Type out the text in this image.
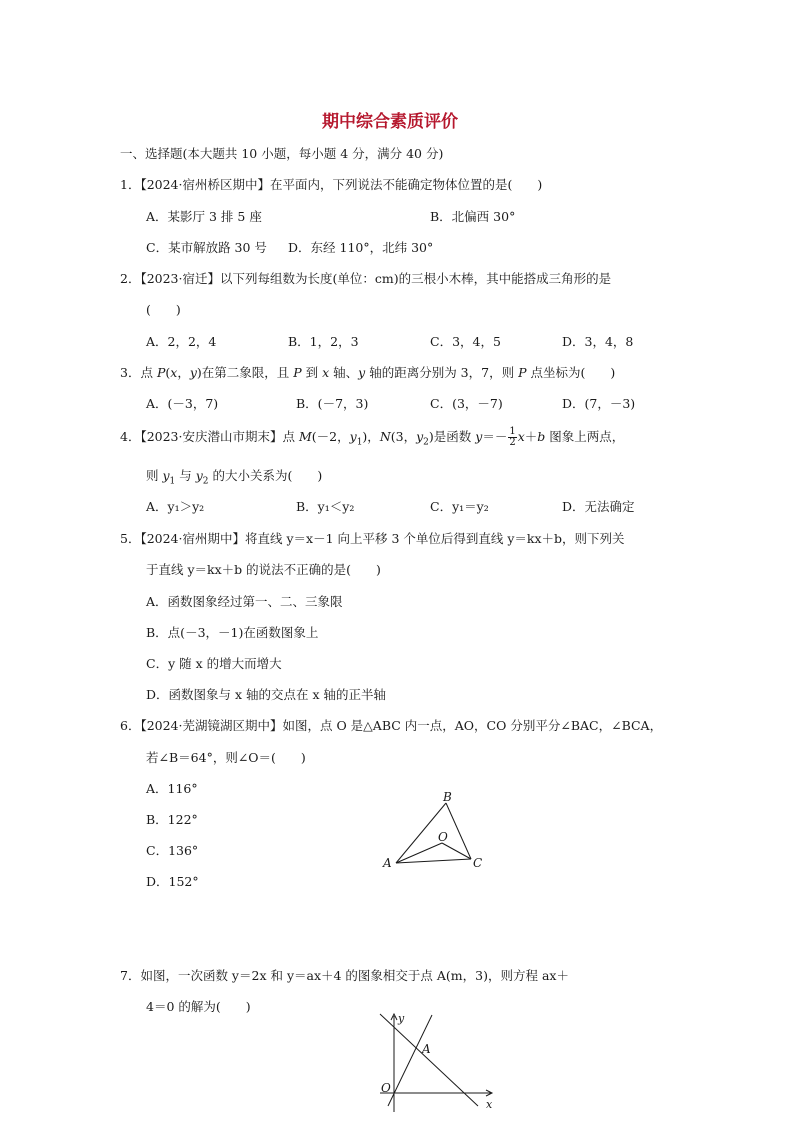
期中综合素质评价
一、选择题(本大题共 10 小题，每小题 4 分，满分 40 分)
1．【2024·宿州桥区期中】在平面内，下列说法不能确定物体位置的是(　　)
A．某影厅 3 排 5 座	B．北偏西 30°
C．某市解放路 30 号 D．东经 110°，北纬 30°
2．【2023·宿迁】以下列每组数为长度(单位：cm)的三根小木棒，其中能搭成三角形的是
(　　)
A．2，2，4	B．1，2，3	C．3，4，5	D．3，4，8
3．点 P(x，y)在第二象限，且 P 到 x 轴、y 轴的距离分别为 3，7，则 P 点坐标为(　　)
A．(－3，7)	B．(－7，3)	C．(3，－7)	D．(7，－3)
4．【2023·安庆潜山市期末】点 M(－2，$y_1$)，N(3，$y_2$)是函数 $y=- \frac{1}{2} x+b$ 图象上两点，
则 $y_1$ 与 $y_2$ 的大小关系为(　　)
A．y₁＞y₂	B．y₁＜y₂	C．y₁＝y₂	D．无法确定
5．【2024·宿州期中】将直线 y＝x－1 向上平移 3 个单位后得到直线 y＝kx＋b，则下列关
于直线 y＝kx＋b 的说法不正确的是(　　)
A．函数图象经过第一、二、三象限
B．点(－3，－1)在函数图象上
C．y 随 x 的增大而增大
D．函数图象与 x 轴的交点在 x 轴的正半轴
6．【2024·芜湖镜湖区期中】如图，点 O 是△ABC 内一点，AO，CO 分别平分∠BAC，∠BCA，
若∠B＝64°，则∠O＝(　　)
A．116°
B．122°
C．136°
D．152°
B
O
A	C
7．如图，一次函数 y＝2x 和 y＝ax＋4 的图象相交于点 A(m，3)，则方程 ax＋
4＝0 的解为(　　)
y
x
A
O
